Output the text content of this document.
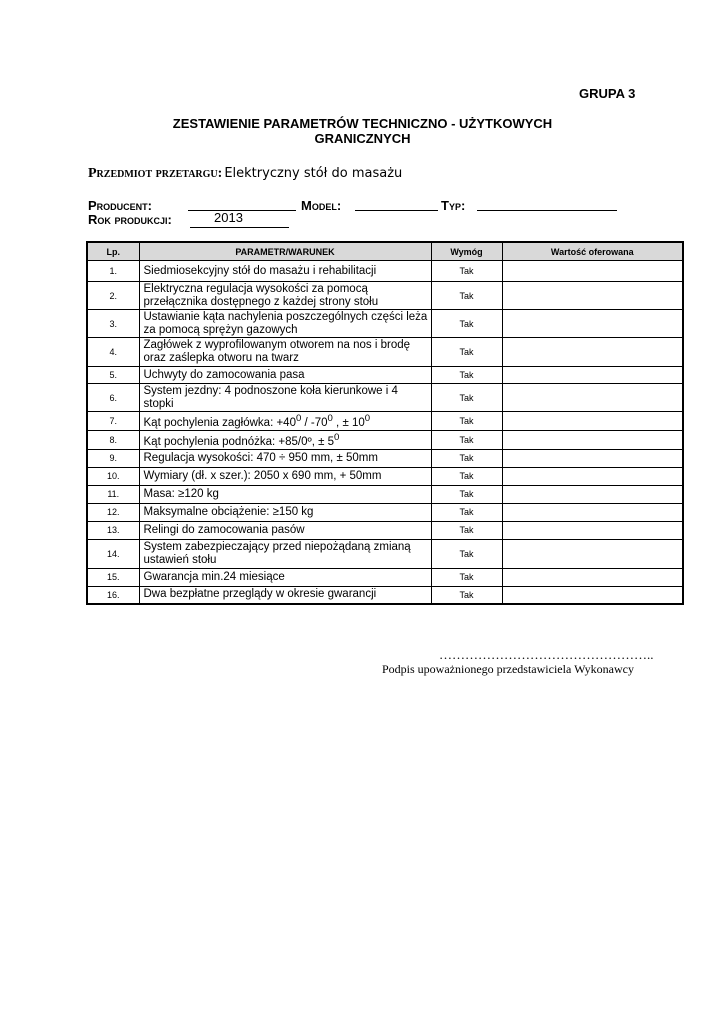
GRUPA 3
ZESTAWIENIE PARAMETRÓW TECHNICZNO - UŻYTKOWYCH
GRANICZNYCH
Przedmiot przetargu: Elektryczny stół do masażu
Producent:	Model:	Typ:
Rok produkcji:	2013
Lp.	PARAMETR/WARUNEK	Wymóg	Wartość oferowana
1.	Siedmiosekcyjny stół do masażu i rehabilitacji	Tak	
2.	Elektryczna regulacja wysokości za pomocą przełącznika dostępnego z każdej strony stołu	Tak	
3.	Ustawianie kąta nachylenia poszczególnych części leża za pomocą sprężyn gazowych	Tak	
4.	Zagłówek z wyprofilowanym otworem na nos i brodę oraz zaślepka otworu na twarz	Tak	
5.	Uchwyty do zamocowania pasa	Tak	
6.	System jezdny: 4 podnoszone koła kierunkowe i 4 stopki	Tak	
7.	Kąt pochylenia zagłówka: $+40^0 / -70^0$ , ± $10^0$	Tak	
8.	Kąt pochylenia podnóżka: +85/0º, ± $5^0$	Tak	
9.	Regulacja wysokości: 470 ÷ 950 mm, ± 50mm	Tak	
10.	Wymiary (dł. x szer.): 2050 x 690 mm, + 50mm	Tak	
11.	Masa: ≥120 kg	Tak	
12.	Maksymalne obciążenie: ≥150 kg	Tak	
13.	Relingi do zamocowania pasów	Tak	
14.	System zabezpieczający przed niepożądaną zmianą ustawień stołu	Tak	
15.	Gwarancja min.24 miesiące	Tak	
16.	Dwa bezpłatne przeglądy w okresie gwarancji	Tak	
…………………………………………..
Podpis upoważnionego przedstawiciela Wykonawcy
